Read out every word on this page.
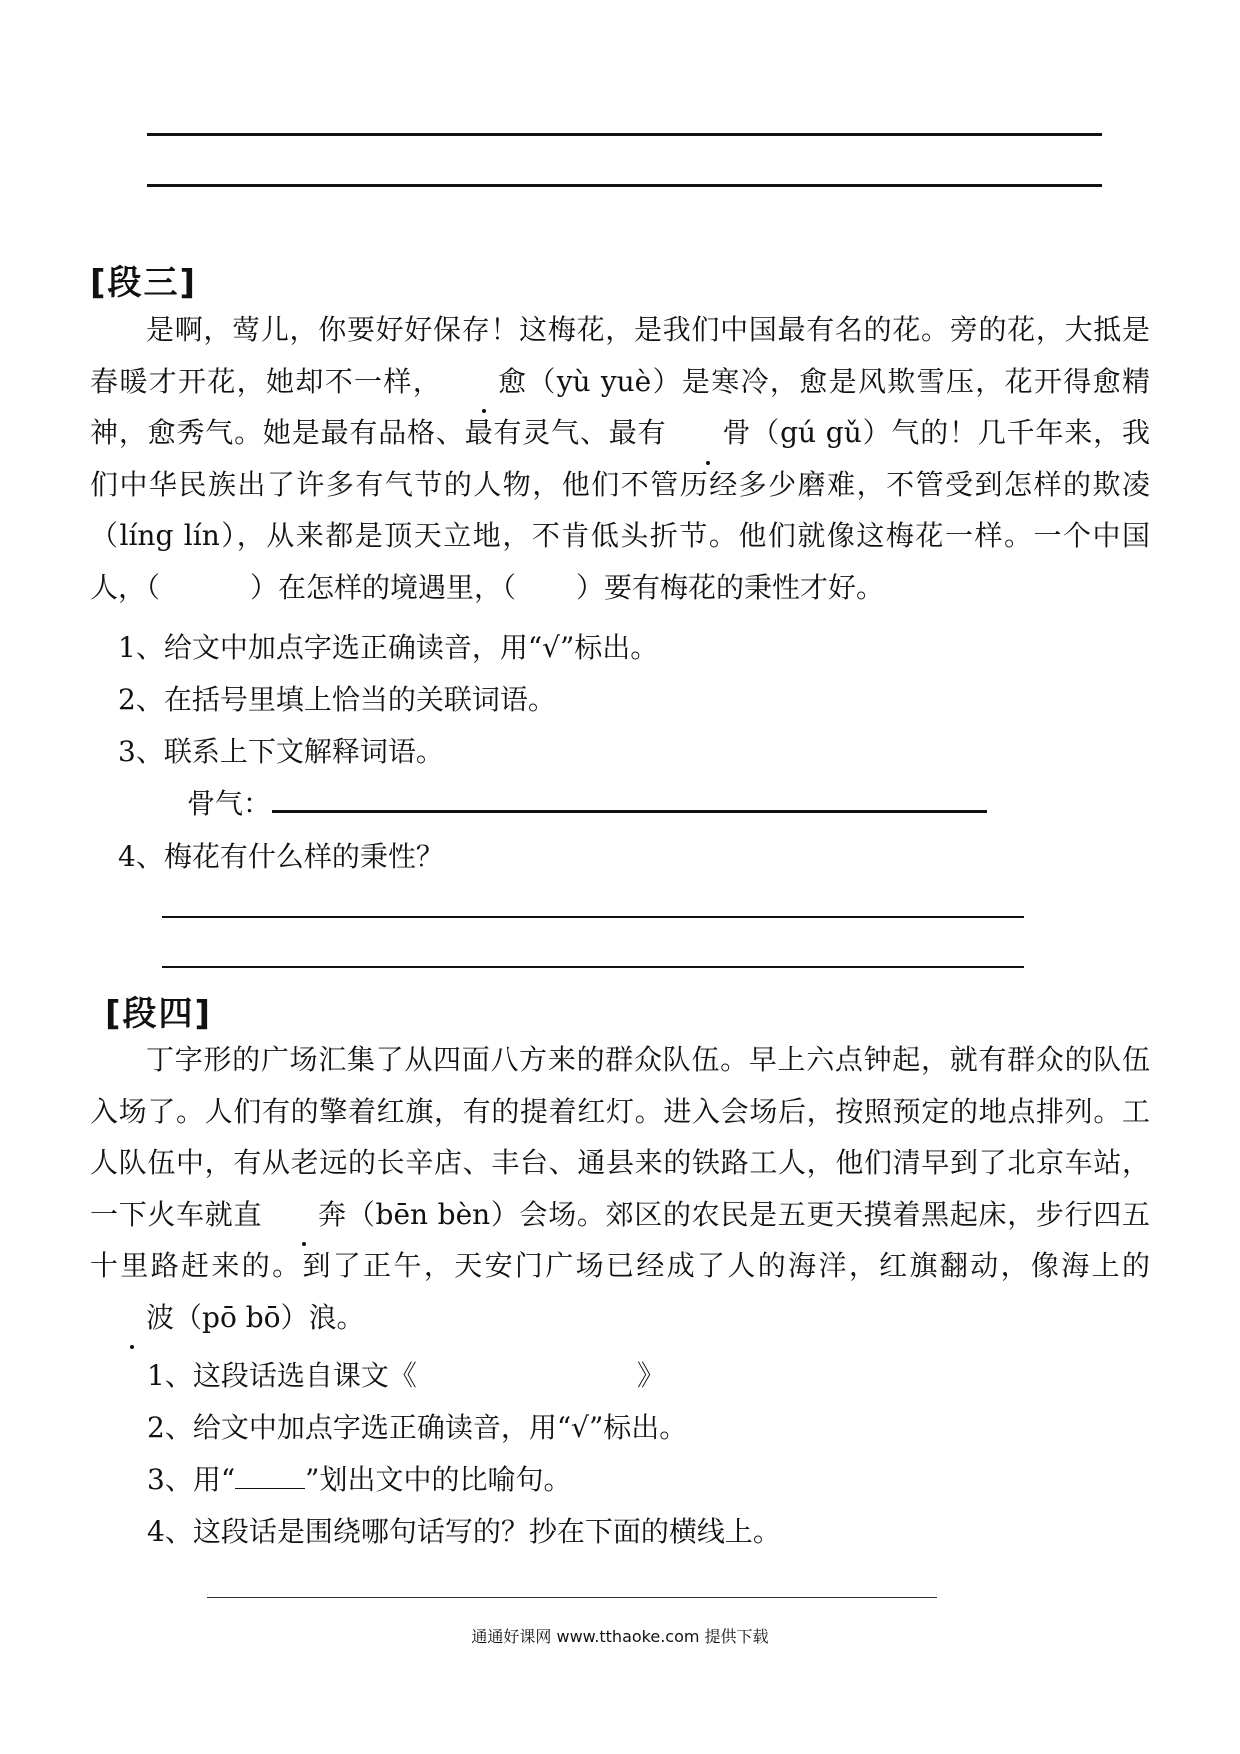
[段三]
是啊，莺儿，你要好好保存！这梅花，是我们中国最有名的花。旁的花，大抵是春暖才开花，她却不一样， 愈（yù yuè）是寒冷，愈是风欺雪压，花开得愈精神，愈秀气。她是最有品格、最有灵气、最有 骨（gú gǔ）气的！几千年来，我们中华民族出了许多有气节的人物，他们不管历经多少磨难，不管受到怎样的欺凌（líng lín），从来都是顶天立地，不肯低头折节。他们就像这梅花一样。一个中国人，（	）在怎样的境遇里，（ ）要有梅花的秉性才好。
1、给文中加点字选正确读音，用“√”标出。
2、在括号里填上恰当的关联词语。
3、联系上下文解释词语。
骨气：
4、梅花有什么样的秉性？
[段四]
丁字形的广场汇集了从四面八方来的群众队伍。早上六点钟起，就有群众的队伍入场了。人们有的擎着红旗，有的提着红灯。进入会场后，按照预定的地点排列。工人队伍中，有从老远的长辛店、丰台、通县来的铁路工人，他们清早到了北京车站，一下火车就直 奔（bēn bèn）会场。郊区的农民是五更天摸着黑起床，步行四五十里路赶来的。到了正午，天安门广场已经成了人的海洋，红旗翻动，像海上的波（pō bō）浪。
1、这段话选自课文《	》
2、给文中加点字选正确读音，用“√”标出。
3、用“	”划出文中的比喻句。
4、这段话是围绕哪句话写的？抄在下面的横线上。
通通好课网 www.tthaoke.com 提供下载
